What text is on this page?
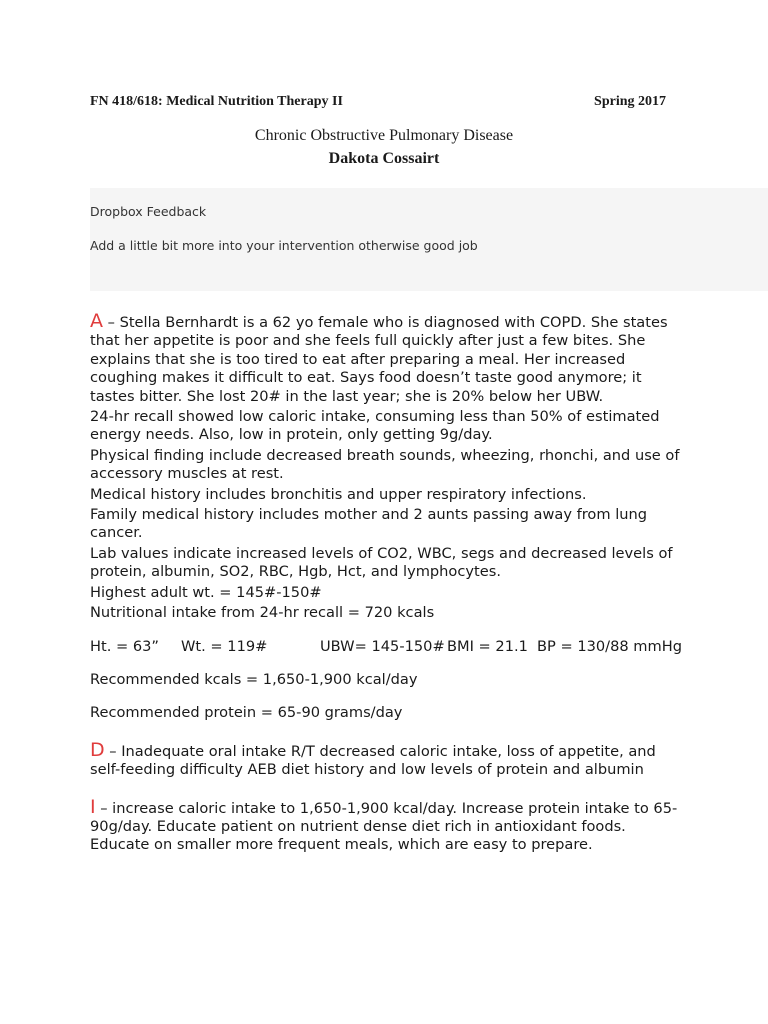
FN 418/618: Medical Nutrition Therapy II	Spring 2017
Chronic Obstructive Pulmonary Disease
Dakota Cossairt
Dropbox Feedback
Add a little bit more into your intervention otherwise good job

A – Stella Bernhardt is a 62 yo female who is diagnosed with COPD. She states that her appetite is poor and she feels full quickly after just a few bites. She explains that she is too tired to eat after preparing a meal. Her increased coughing makes it difficult to eat. Says food doesn’t taste good anymore; it tastes bitter. She lost 20# in the last year; she is 20% below her UBW.

24-hr recall showed low caloric intake, consuming less than 50% of estimated energy needs. Also, low in protein, only getting 9g/day.

Physical finding include decreased breath sounds, wheezing, rhonchi, and use of accessory muscles at rest.

Medical history includes bronchitis and upper respiratory infections.

Family medical history includes mother and 2 aunts passing away from lung cancer.

Lab values indicate increased levels of CO2, WBC, segs and decreased levels of protein, albumin, SO2, RBC, Hgb, Hct, and lymphocytes.

Highest adult wt. = 145#-150#

Nutritional intake from 24-hr recall = 720 kcals

Ht. = 63” Wt. = 119#	UBW= 145-150# BMI = 21.1 BP = 130/88 mmHg

Recommended kcals = 1,650-1,900 kcal/day

Recommended protein = 65-90 grams/day

D – Inadequate oral intake R/T decreased caloric intake, loss of appetite, and self-feeding difficulty AEB diet history and low levels of protein and albumin

I – increase caloric intake to 1,650-1,900 kcal/day. Increase protein intake to 65-90g/day. Educate patient on nutrient dense diet rich in antioxidant foods. Educate on smaller more frequent meals, which are easy to prepare.
